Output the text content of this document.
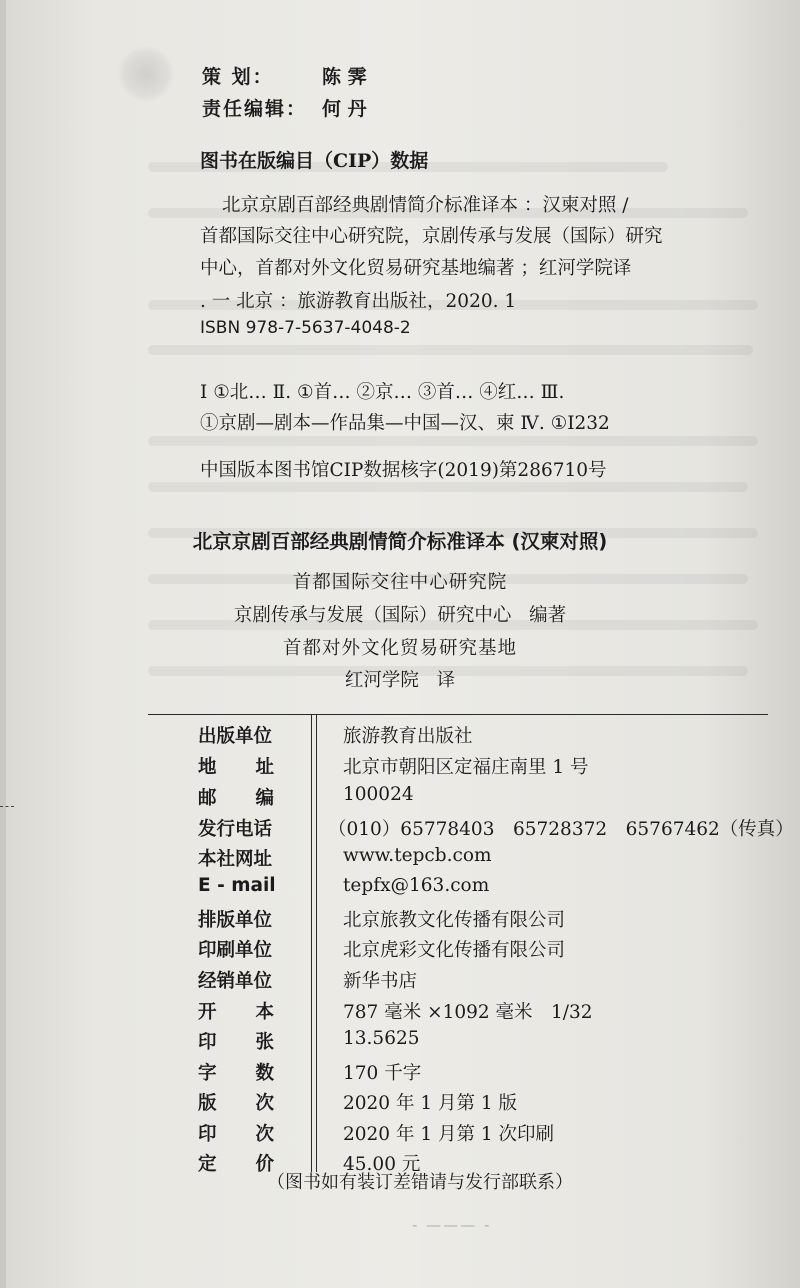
策 划：	陈 霁
责任编辑： 何 丹
图书在版编目（CIP）数据
北京京剧百部经典剧情简介标准译本 ：汉柬对照 /
首都国际交往中心研究院，京剧传承与发展（国际）研究
中心，首都对外文化贸易研究基地编著 ；红河学院译
. 一 北京 ：旅游教育出版社，2020. 1
ISBN 978-7-5637-4048-2
Ⅰ ①北… Ⅱ. ①首… ②京… ③首… ④红… Ⅲ.
①京剧—剧本—作品集—中国—汉、柬 Ⅳ. ①I232
中国版本图书馆CIP数据核字(2019)第286710号
北京京剧百部经典剧情简介标准译本 (汉柬对照)
首都国际交往中心研究院
京剧传承与发展（国际）研究中心 编著
首都对外文化贸易研究基地
红河学院 译
出版单位	旅游教育出版社
地 址	北京市朝阳区定福庄南里 1 号
邮 编	100024
发行电话	（010）65778403　65728372　65767462（传真）
本社网址	www.tepcb.com
E - mail	tepfx@163.com
排版单位	北京旅教文化传播有限公司
印刷单位	北京虎彩文化传播有限公司
经销单位	新华书店
开 本	787 毫米 ×1092 毫米　1/32
印 张	13.5625
字 数	170 千字
版 次	2020 年 1 月第 1 版
印 次	2020 年 1 月第 1 次印刷
定 价	45.00 元
（图书如有装订差错请与发行部联系）
- ——— -
